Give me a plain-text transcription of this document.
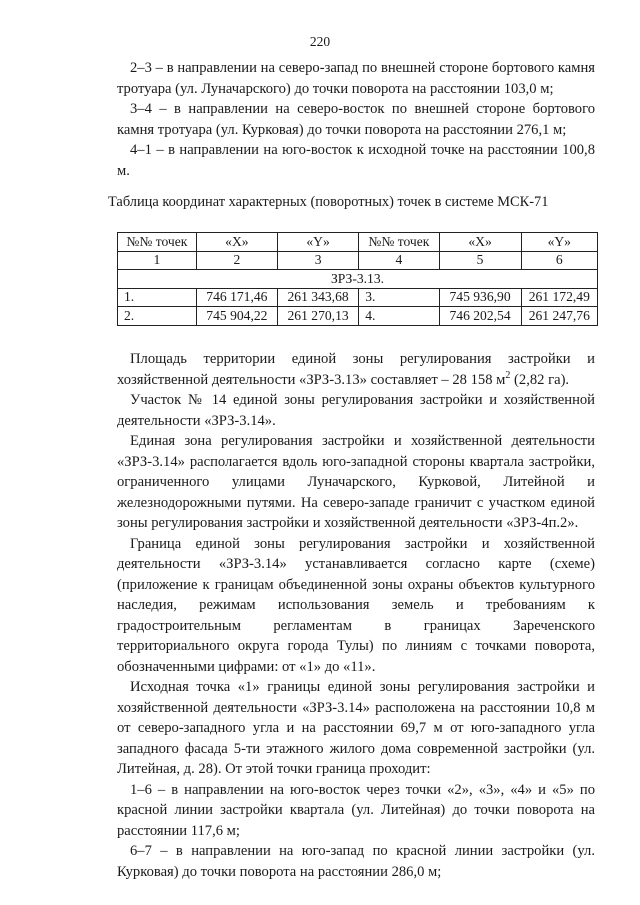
220

2–3 – в направлении на северо-запад по внешней стороне бортового камня тротуара (ул. Луначарского) до точки поворота на расстоянии 103,0 м;

3–4 – в направлении на северо-восток по внешней стороне бортового камня тротуара (ул. Курковая) до точки поворота на расстоянии 276,1 м;

4–1 – в направлении на юго-восток к исходной точке на расстоянии 100,8 м.

Таблица координат характерных (поворотных) точек в системе МСК-71
№№ точек	«X»	«Y»	№№ точек	«X»	«Y»
1	2	3	4	5	6
ЗРЗ-3.13.					
1.	746 171,46	261 343,68	3.	745 936,90	261 172,49
2.	745 904,22	261 270,13	4.	746 202,54	261 247,76

Площадь территории единой зоны регулирования застройки и хозяйственной деятельности «ЗРЗ-3.13» составляет – 28 158 $м^2$ (2,82 га).

Участок № 14 единой зоны регулирования застройки и хозяйственной деятельности «ЗРЗ-3.14».

Единая зона регулирования застройки и хозяйственной деятельности «ЗРЗ-3.14» располагается вдоль юго-западной стороны квартала застройки, ограниченного улицами Луначарского, Курковой, Литейной и железнодорожными путями. На северо-западе граничит с участком единой зоны регулирования застройки и хозяйственной деятельности «ЗРЗ-4п.2».

Граница единой зоны регулирования застройки и хозяйственной деятельности «ЗРЗ-3.14» устанавливается согласно карте (схеме) (приложение к границам объединенной зоны охраны объектов культурного наследия, режимам использования земель и требованиям к градостроительным регламентам в границах Зареченского территориального округа города Тулы) по линиям с точками поворота, обозначенными цифрами: от «1» до «11».

Исходная точка «1» границы единой зоны регулирования застройки и хозяйственной деятельности «ЗРЗ-3.14» расположена на расстоянии 10,8 м от северо-западного угла и на расстоянии 69,7 м от юго-западного угла западного фасада 5-ти этажного жилого дома современной застройки (ул. Литейная, д. 28). От этой точки граница проходит:

1–6 – в направлении на юго-восток через точки «2», «3», «4» и «5» по красной линии застройки квартала (ул. Литейная) до точки поворота на расстоянии 117,6 м;

6–7 – в направлении на юго-запад по красной линии застройки (ул. Курковая) до точки поворота на расстоянии 286,0 м;
